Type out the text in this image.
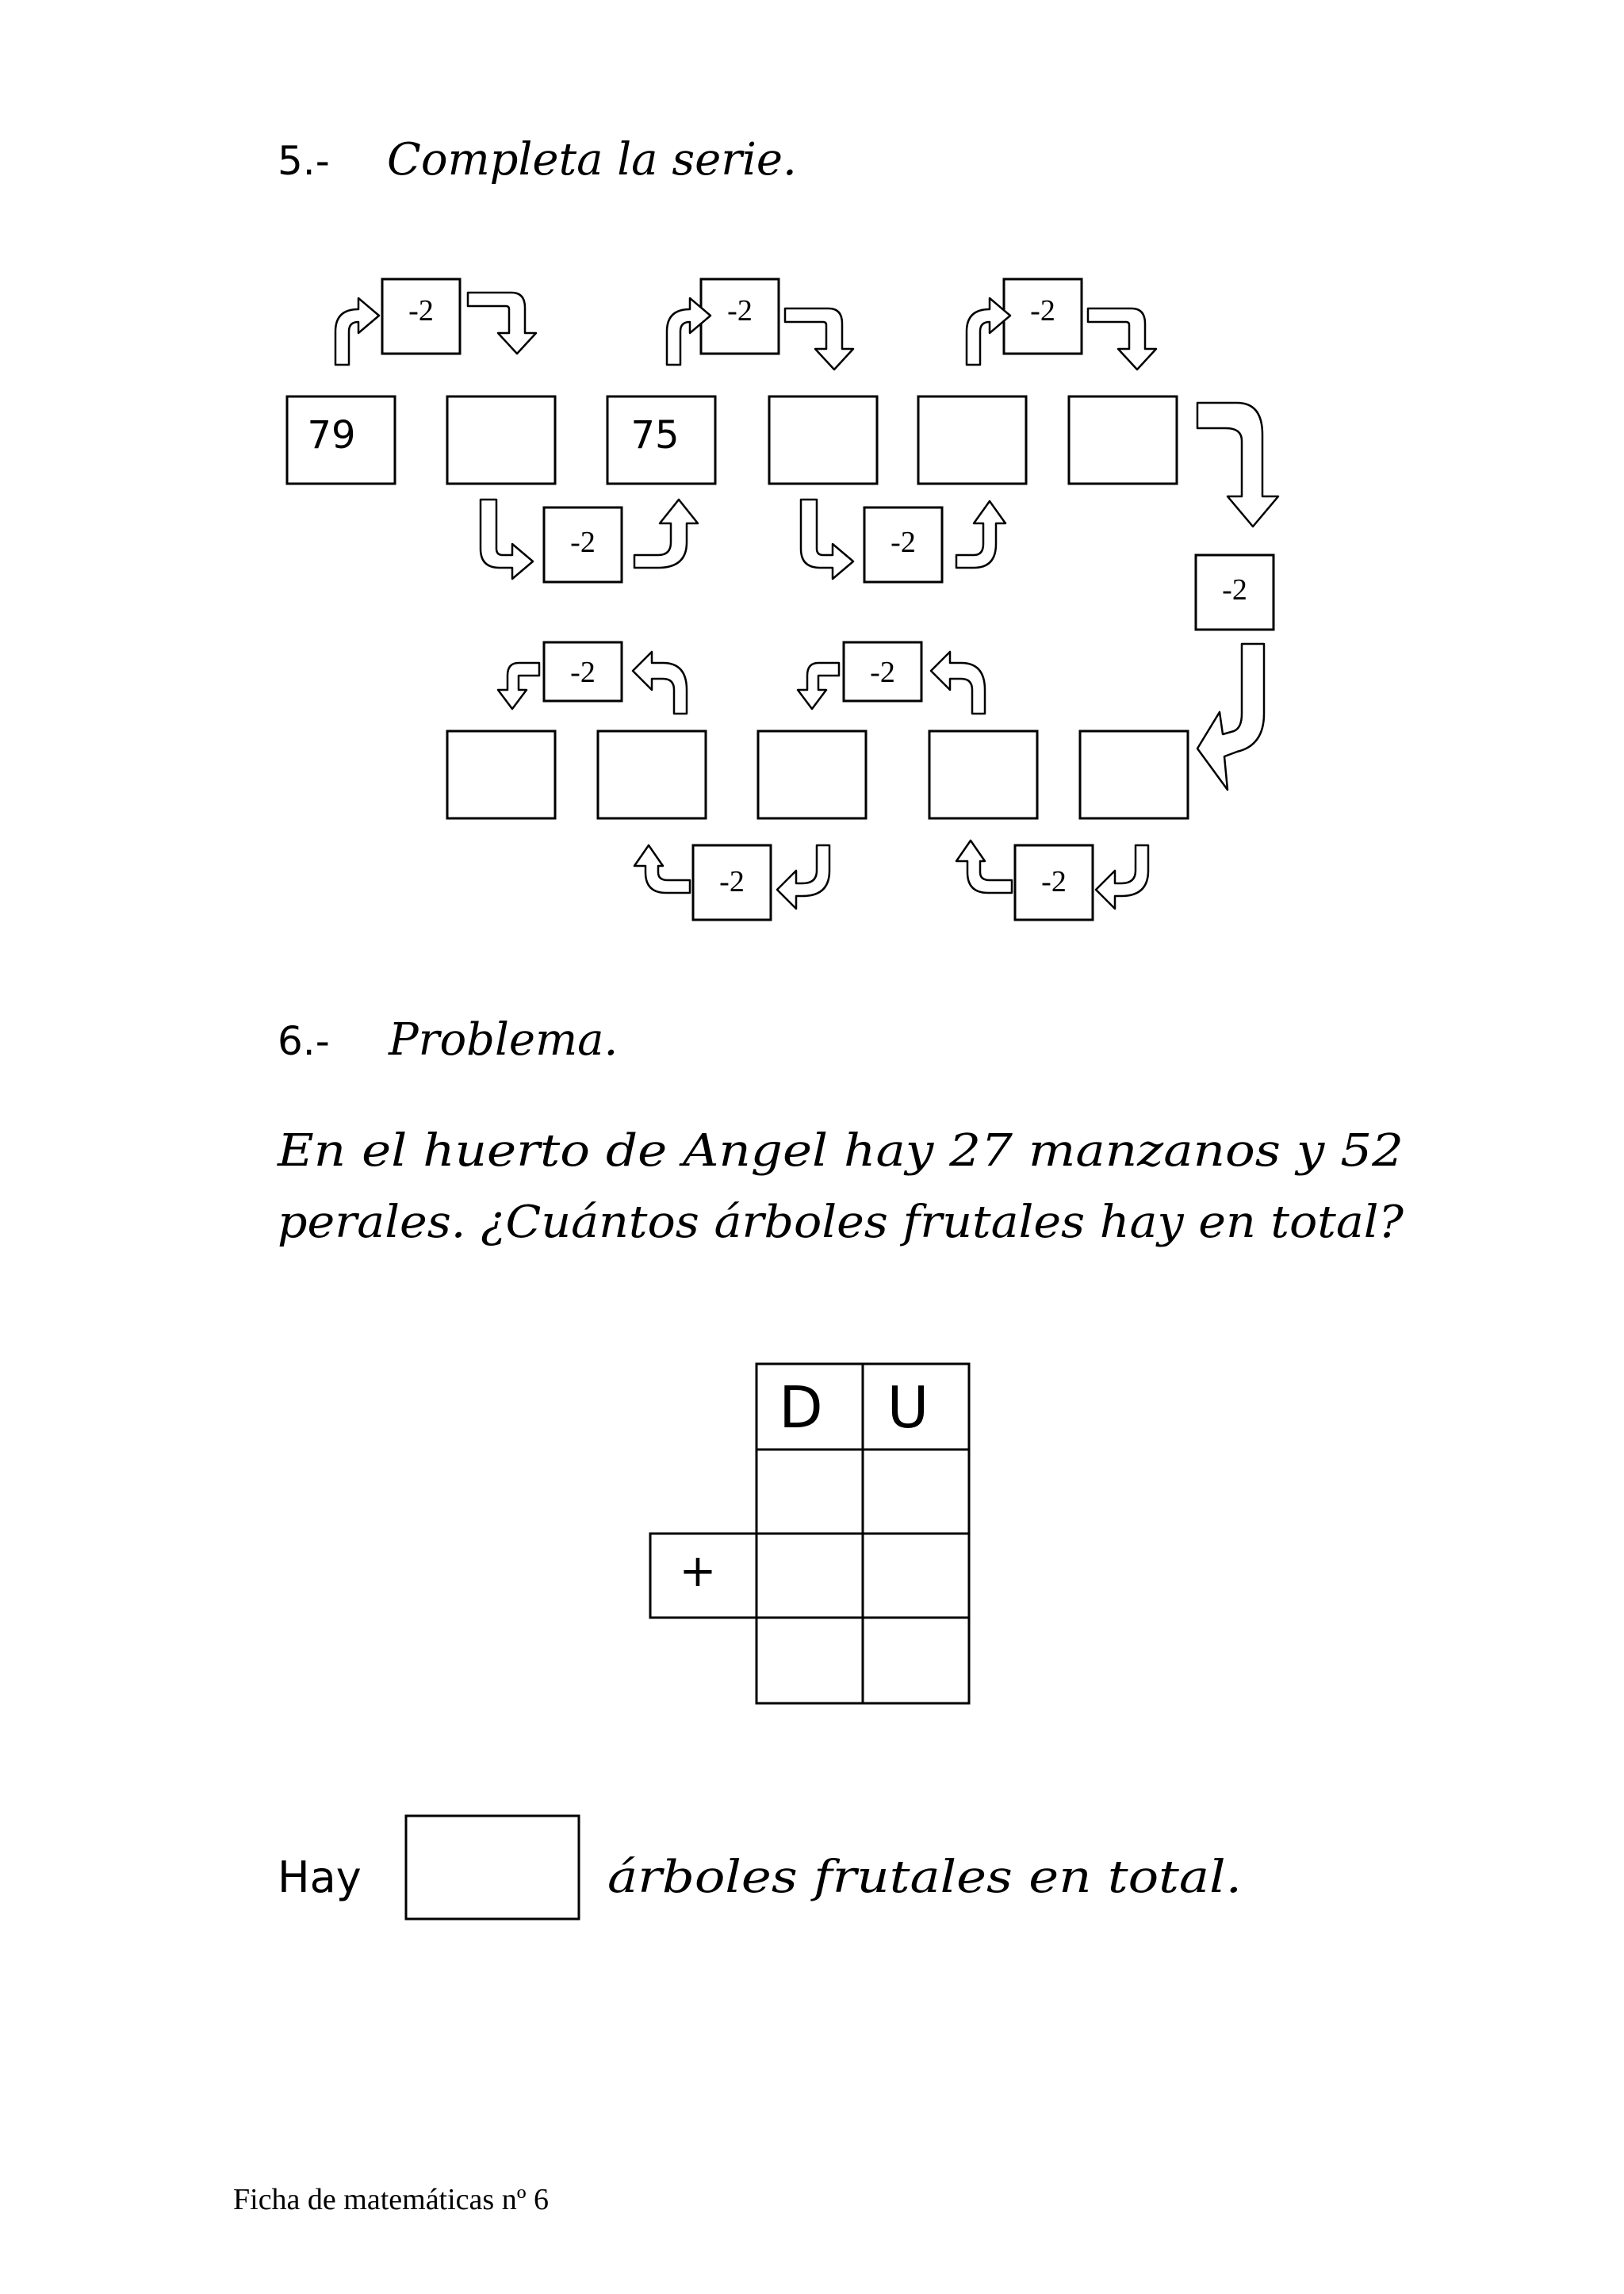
5.- Completa la serie.
79	75
-2	-2	-2
-2	-2
-2
-2	-2
-2	-2
6.- Problema.
En el huerto de Angel hay 27 manzanos y 52
perales. ¿Cuántos árboles frutales hay en total?
D U
+
Hay	árboles frutales en total.
Ficha de matemáticas nº 6
